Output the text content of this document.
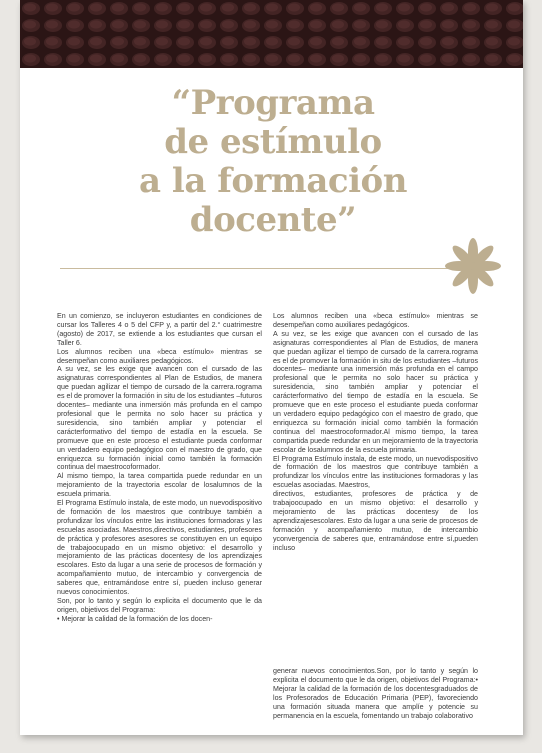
“Programa
de estímulo
a la formación
docente”
En un comienzo, se incluyeron estudiantes en condiciones de cursar los Talleres 4 o 5 del CFP y, a partir del 2.° cuatrimestre (agosto) de 2017, se extiende a los estudiantes que cursan el Taller 6.
Los alumnos reciben una «beca estímulo» mientras se desempeñan como auxiliares pedagógicos.
A su vez, se les exige que avancen con el cursado de las asignaturas correspondientes al Plan de Estudios, de manera que puedan agilizar el tiempo de cursado de la carrera.rograma es el de promover la formación in situ de los estudiantes –futuros docentes– mediante una inmersión más profunda en el campo profesional que le permita no solo hacer su práctica y suresidencia, sino también ampliar y potenciar el carácterformativo del tiempo de estadía en la escuela. Se promueve que en este proceso el estudiante pueda conformar un verdadero equipo pedagógico con el maestro de grado, que enriquezca su formación inicial como también la formación continua del maestrocoformador.
Al mismo tiempo, la tarea compartida puede redundar en un mejoramiento de la trayectoria escolar de losalumnos de la escuela primaria.
El Programa Estímulo instala, de este modo, un nuevodispositivo de formación de los maestros que contribuye también a profundizar los vínculos entre las instituciones formadoras y las escuelas asociadas. Maestros,directivos, estudiantes, profesores de práctica y profesores asesores se constituyen en un equipo de trabajoocupado en un mismo objetivo: el desarrollo y mejoramiento de las prácticas docentesy de los aprendizajes escolares. Esto da lugar a una serie de procesos de formación y acompañamiento mutuo, de intercambio y convergencia de saberes que, entramándose entre sí, pueden incluso generar nuevos conocimientos.
Son, por lo tanto y según lo explicita el documento que le da origen, objetivos del Programa:
• Mejorar la calidad de la formación de los docen-
Los alumnos reciben una «beca estímulo» mientras se desempeñan como auxiliares pedagógicos.
A su vez, se les exige que avancen con el cursado de las asignaturas correspondientes al Plan de Estudios, de manera que puedan agilizar el tiempo de cursado de la carrera.rograma es el de promover la formación in situ de los estudiantes –futuros docentes– mediante una inmersión más profunda en el campo profesional que le permita no solo hacer su práctica y suresidencia, sino también ampliar y potenciar el carácterformativo del tiempo de estadía en la escuela. Se promueve que en este proceso el estudiante pueda conformar un verdadero equipo pedagógico con el maestro de grado, que enriquezca su formación inicial como también la formación continua del maestrocoformador.Al mismo tiempo, la tarea compartida puede redundar en un mejoramiento de la trayectoria escolar de losalumnos de la escuela primaria.
El Programa Estímulo instala, de este modo, un nuevodispositivo de formación de los maestros que contribuye también a profundizar los vínculos entre las instituciones formadoras y las escuelas asociadas. Maestros,
directivos, estudiantes, profesores de práctica y de trabajoocupado en un mismo objetivo: el desarrollo y mejoramiento de las prácticas docentesy de los aprendizajesescolares. Esto da lugar a una serie de procesos de formación y acompañamiento mutuo, de intercambio yconvergencia de saberes que, entramándose entre sí,pueden incluso
generar nuevos conocimientos.Son, por lo tanto y según lo explicita el documento que le da origen, objetivos del Programa:• Mejorar la calidad de la formación de los docentesgraduados de los Profesorados de Educación Primaria (PEP), favoreciendo una formación situada manera que amplíe y potencie su permanencia en la escuela, fomentando un trabajo colaborativo
